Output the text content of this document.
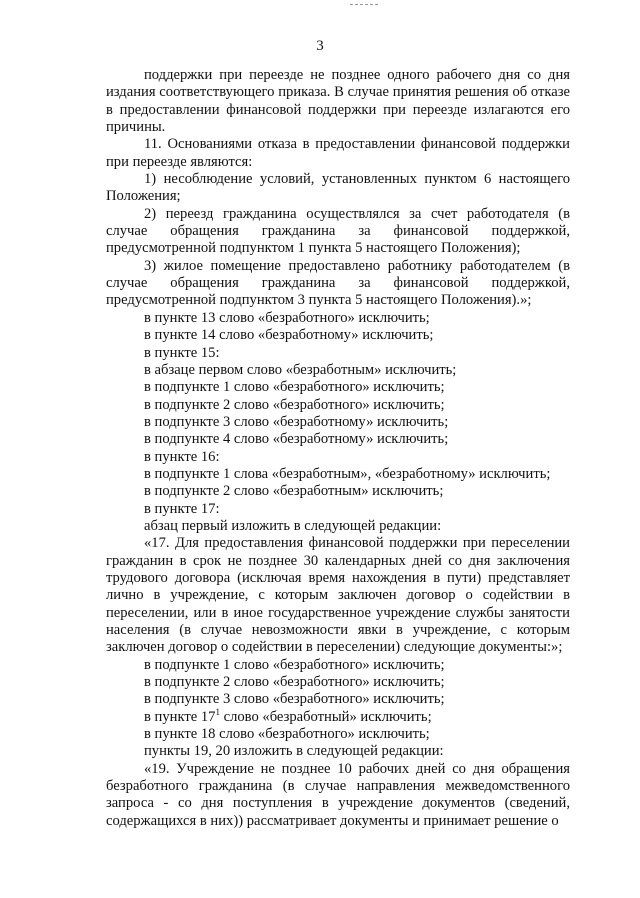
3

поддержки при переезде не позднее одного рабочего дня со дня издания соответствующего приказа. В случае принятия решения об отказе в предоставлении финансовой поддержки при переезде излагаются его причины.

11. Основаниями отказа в предоставлении финансовой поддержки при переезде являются:

1) несоблюдение условий, установленных пунктом 6 настоящего Положения;

2) переезд гражданина осуществлялся за счет работодателя (в случае обращения гражданина за финансовой поддержкой, предусмотренной подпунктом 1 пункта 5 настоящего Положения);

3) жилое помещение предоставлено работнику работодателем (в случае обращения гражданина за финансовой поддержкой, предусмотренной подпунктом 3 пункта 5 настоящего Положения).»;

в пункте 13 слово «безработного» исключить;

в пункте 14 слово «безработному» исключить;

в пункте 15:

в абзаце первом слово «безработным» исключить;

в подпункте 1 слово «безработного» исключить;

в подпункте 2 слово «безработного» исключить;

в подпункте 3 слово «безработному» исключить;

в подпункте 4 слово «безработному» исключить;

в пункте 16:

в подпункте 1 слова «безработным», «безработному» исключить;

в подпункте 2 слово «безработным» исключить;

в пункте 17:

абзац первый изложить в следующей редакции:

«17. Для предоставления финансовой поддержки при переселении гражданин в срок не позднее 30 календарных дней со дня заключения трудового договора (исключая время нахождения в пути) представляет лично в учреждение, с которым заключен договор о содействии в переселении, или в иное государственное учреждение службы занятости населения (в случае невозможности явки в учреждение, с которым заключен договор о содействии в переселении) следующие документы:»;

в подпункте 1 слово «безработного» исключить;

в подпункте 2 слово «безработного» исключить;

в подпункте 3 слово «безработного» исключить;

в пункте $17^1$ слово «безработный» исключить;

в пункте 18 слово «безработного» исключить;

пункты 19, 20 изложить в следующей редакции:

«19. Учреждение не позднее 10 рабочих дней со дня обращения безработного гражданина (в случае направления межведомственного запроса - со дня поступления в учреждение документов (сведений, содержащихся в них)) рассматривает документы и принимает решение о
